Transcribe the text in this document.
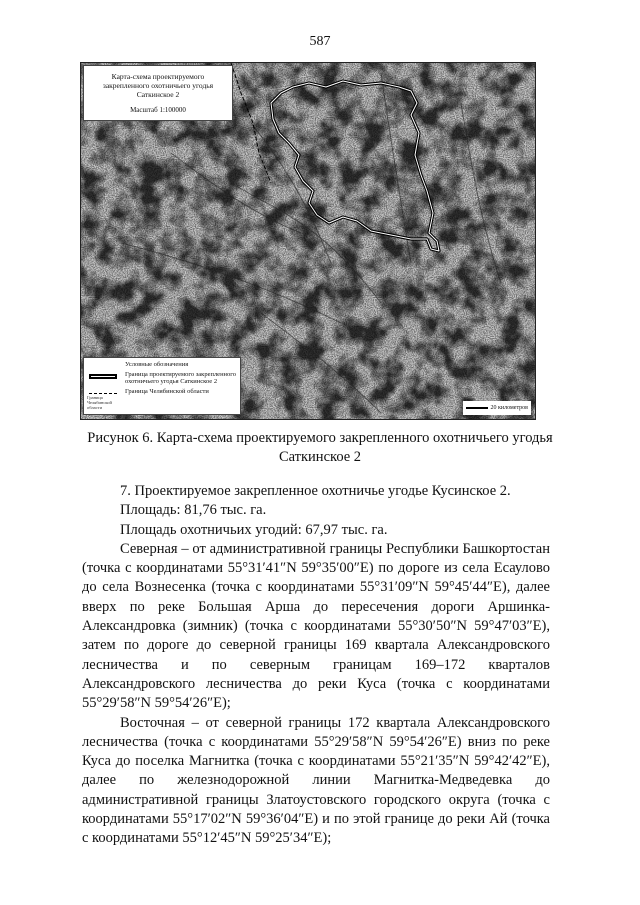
587
Карта-схема проектируемого
закрепленного охотничьего угодья
Саткинское 2
Масштаб 1:100000
Условные обозначения
Граница проектируемого закрепленного охотничьего угодья Саткинское 2
Граница Челябинской области
Граница Челябинской области
20 километров
Рисунок 6. Карта-схема проектируемого закрепленного охотничьего угодья
Саткинское 2

7. Проектируемое закрепленное охотничье угодье Кусинское 2.

Площадь: 81,76 тыс. га.

Площадь охотничьих угодий: 67,97 тыс. га.

Северная – от административной границы Республики Башкортостан (точка с координатами 55°31′41″N 59°35′00″E) по дороге из села Есаулово до села Вознесенка (точка с координатами 55°31′09″N 59°45′44″E), далее вверх по реке Большая Арша до пересечения дороги Аршинка-Александровка (зимник) (точка с координатами 55°30′50″N 59°47′03″E), затем по дороге до северной границы 169 квартала Александровского лесничества и по северным границам 169–172 кварталов Александровского лесничества до реки Куса (точка с координатами 55°29′58″N 59°54′26″E);

Восточная – от северной границы 172 квартала Александровского лесничества (точка с координатами 55°29′58″N 59°54′26″E) вниз по реке Куса до поселка Магнитка (точка с координатами 55°21′35″N 59°42′42″E), далее по железнодорожной линии Магнитка-Медведевка до административной границы Златоустовского городского округа (точка с координатами 55°17′02″N 59°36′04″E) и по этой границе до реки Ай (точка с координатами 55°12′45″N 59°25′34″E);
